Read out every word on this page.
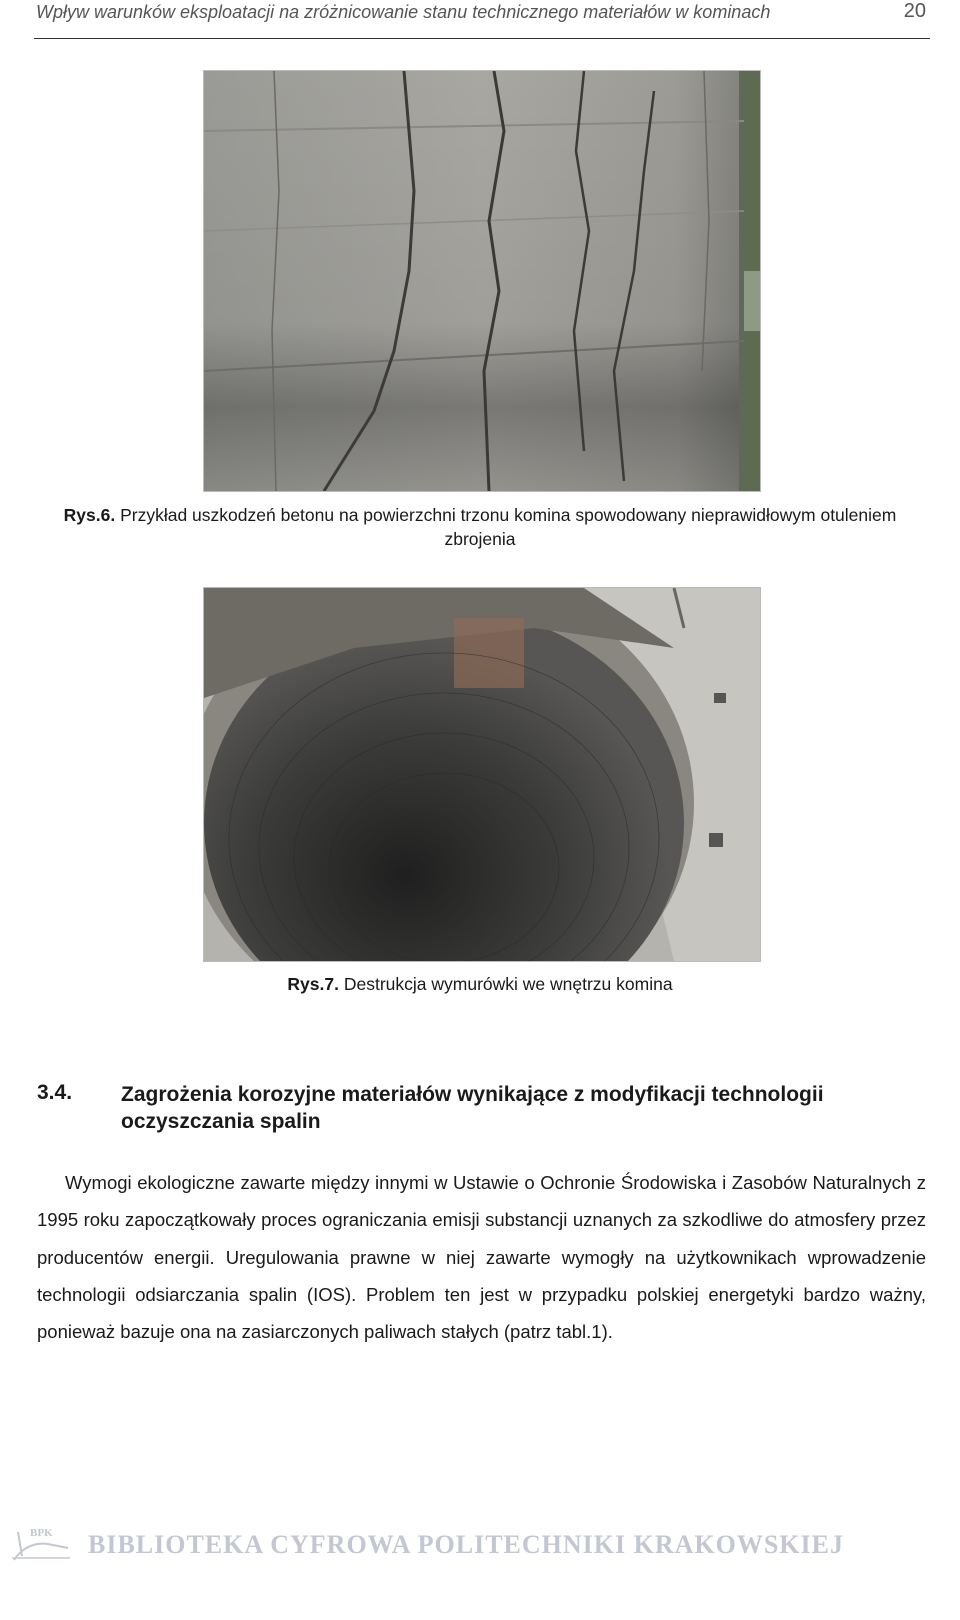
Wpływ warunków eksploatacji na zróżnicowanie stanu technicznego materiałów w kominach	20
Rys.6. Przykład uszkodzeń betonu na powierzchni trzonu komina spowodowany nieprawidłowym otuleniem zbrojenia
Rys.7. Destrukcja wymurówki we wnętrzu komina
3.4. Zagrożenia korozyjne materiałów wynikające z modyfikacji technologii oczyszczania spalin
Wymogi ekologiczne zawarte między innymi w Ustawie o Ochronie Środowiska i Zasobów Naturalnych z 1995 roku zapoczątkowały proces ograniczania emisji substancji uznanych za szkodliwe do atmosfery przez producentów energii. Uregulowania prawne w niej zawarte wymogły na użytkownikach wprowadzenie technologii odsiarczania spalin (IOS). Problem ten jest w przypadku polskiej energetyki bardzo ważny, ponieważ bazuje ona na zasiarczonych paliwach stałych (patrz tabl.1).
BPK BIBLIOTEKA CYFROWA POLITECHNIKI KRAKOWSKIEJ
